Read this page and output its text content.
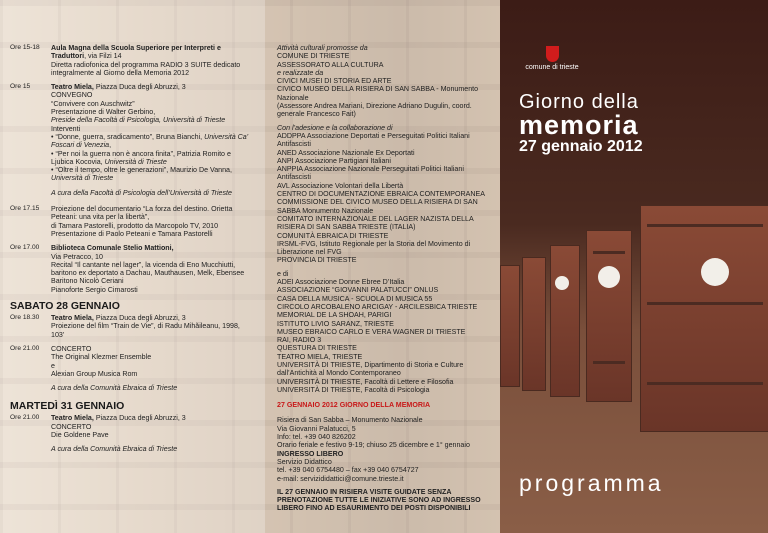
Ore 15-18	Aula Magna della Scuola Superiore per Interpreti e Traduttori, via Filzi 14
Diretta radiofonica del programma RADIO 3 SUITE dedicato integralmente al Giorno della Memoria 2012
Ore 15	Teatro Miela, Piazza Duca degli Abruzzi, 3
CONVEGNO
“Convivere con Auschwitz”
Presentazione di Walter Gerbino,
Preside della Facoltà di Psicologia, Università di Trieste
Interventi
• “Donne, guerra, sradicamento”, Bruna Bianchi, Università Ca’ Foscari di Venezia,
• “Per noi la guerra non è ancora finita”, Patrizia Romito e Ljubica Kocovia, Università di Trieste
• “Oltre il tempo, oltre le generazioni”, Maurizio De Vanna, Università di Trieste
A cura della Facoltà di Psicologia dell’Università di Trieste
Ore 17.15	Proiezione del documentario “La forza del destino. Orietta Peteani: una vita per la libertà”,
di Tamara Pastorelli, prodotto da Marcopolo TV, 2010
Presentazione di Paolo Peteani e Tamara Pastorelli
Ore 17.00	Biblioteca Comunale Stelio Mattioni,
Via Petracco, 10
Recital “Il cantante nel lager”, la vicenda di Eno Mucchiutti, baritono ex deportato a Dachau, Mauthausen, Melk, Ebensee
Baritono Nicolò Ceriani
Pianoforte Sergio Cimarosti
SABATO 28 GENNAIO
Ore 18.30	Teatro Miela, Piazza Duca degli Abruzzi, 3
Proiezione del film “Train de Vie”, di Radu Mihăileanu, 1998, 103’
Ore 21.00	CONCERTO
The Original Klezmer Ensemble
e
Alexian Group Musica Rom
A cura della Comunità Ebraica di Trieste
MARTEDÌ 31 GENNAIO
Ore 21.00	Teatro Miela, Piazza Duca degli Abruzzi, 3
CONCERTO
Die Goldene Pave
A cura della Comunità Ebraica di Trieste

Attività culturali promosse da
COMUNE DI TRIESTE
ASSESSORATO ALLA CULTURA
e realizzate da
CIVICI MUSEI DI STORIA ED ARTE
CIVICO MUSEO DELLA RISIERA DI SAN SABBA - Monumento Nazionale
(Assessore Andrea Mariani, Direzione Adriano Dugulin, coord. generale Francesco Fait)

Con l’adesione e la collaborazione di
ADDPPA Associazione Deportati e Perseguitati Politici Italiani Antifascisti
ANED Associazione Nazionale Ex Deportati
ANPI Associazione Partigiani Italiani
ANPPIA Associazione Nazionale Perseguitati Politici Italiani Antifascisti
AVL Associazione Volontari della Libertà
CENTRO DI DOCUMENTAZIONE EBRAICA CONTEMPORANEA
COMMISSIONE DEL CIVICO MUSEO DELLA RISIERA DI SAN SABBA Monumento Nazionale
COMITATO INTERNAZIONALE DEL LAGER NAZISTA DELLA RISIERA DI SAN SABBA TRIESTE (ITALIA)
COMUNITÀ EBRAICA DI TRIESTE
IRSML-FVG, Istituto Regionale per la Storia del Movimento di Liberazione nel FVG
PROVINCIA DI TRIESTE

e di
ADEI Associazione Donne Ebree D’Italia
ASSOCIAZIONE “GIOVANNI PALATUCCI” ONLUS
CASA DELLA MUSICA - SCUOLA DI MUSICA 55
CIRCOLO ARCOBALENO ARCIGAY - ARCILESBICA TRIESTE
MEMORIAL DE LA SHOAH, PARIGI
ISTITUTO LIVIO SARANZ, TRIESTE
MUSEO EBRAICO CARLO E VERA WAGNER DI TRIESTE
RAI, RADIO 3
QUESTURA DI TRIESTE
TEATRO MIELA, TRIESTE
UNIVERSITÀ DI TRIESTE, Dipartimento di Storia e Culture dall’Antichità al Mondo Contemporaneo
UNIVERSITÀ DI TRIESTE, Facoltà di Lettere e Filosofia
UNIVERSITÀ DI TRIESTE, Facoltà di Psicologia

27 GENNAIO 2012 GIORNO DELLA MEMORIA

Risiera di San Sabba – Monumento Nazionale
Via Giovanni Palatucci, 5
Info: tel. +39 040 826202
Orario feriale e festivo 9-19; chiuso 25 dicembre e 1° gennaio
INGRESSO LIBERO
Servizio Didattico
tel. +39 040 6754480 – fax +39 040 6754727
e-mail: servizididattici@comune.trieste.it

IL 27 GENNAIO IN RISIERA VISITE GUIDATE SENZA PRENOTAZIONE TUTTE LE INIZIATIVE SONO AD INGRESSO LIBERO FINO AD ESAURIMENTO DEI POSTI DISPONIBILI

comune di trieste
Giorno della
memoria
27 gennaio 2012
programma
